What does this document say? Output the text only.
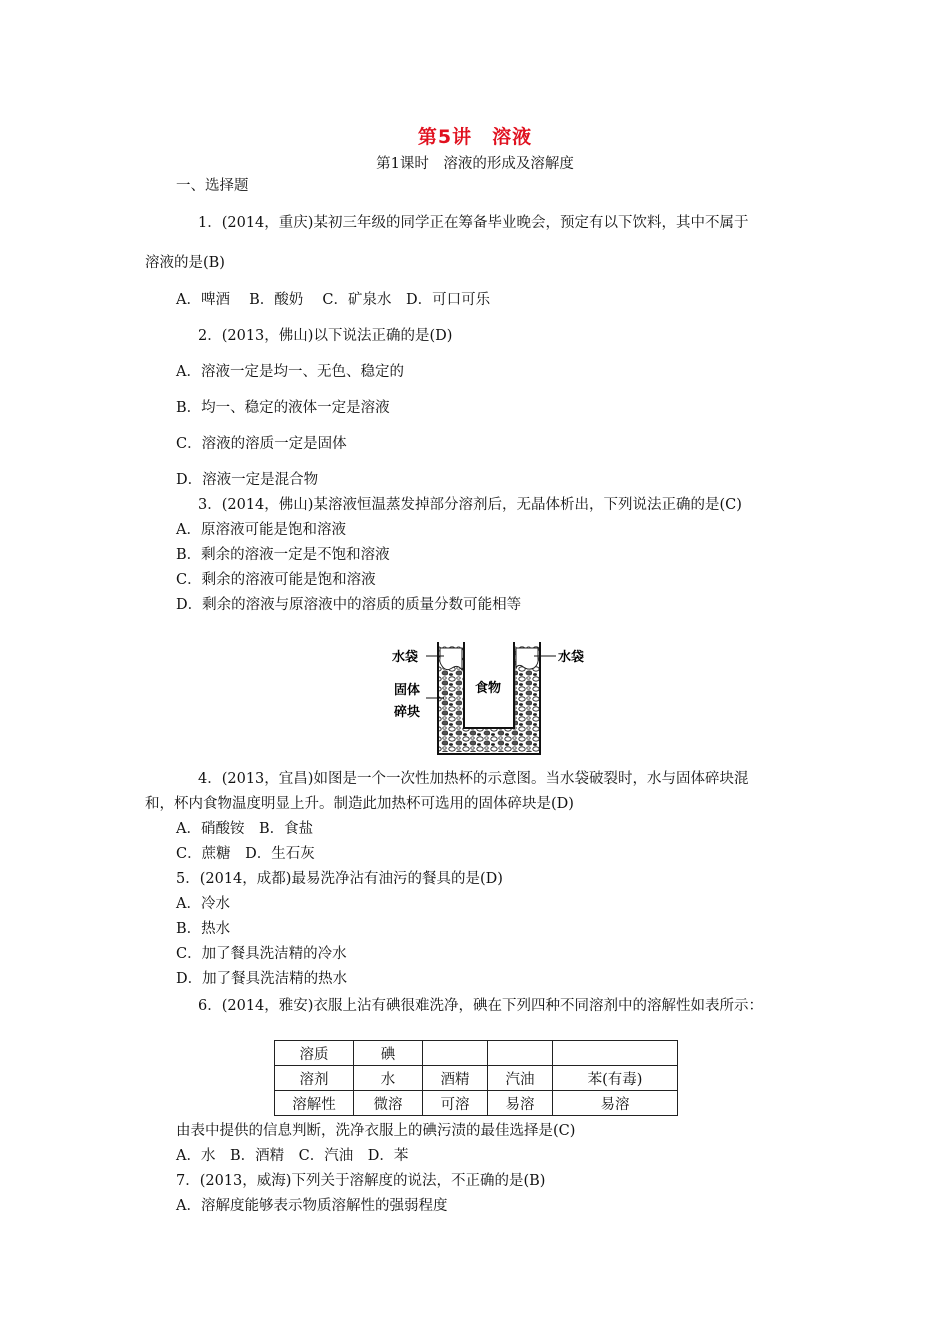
第5讲　溶液
第1课时　溶液的形成及溶解度
一、选择题
1．(2014，重庆)某初三年级的同学正在筹备毕业晚会，预定有以下饮料，其中不属于
溶液的是(B)
A．啤酒　 B．酸奶　 C．矿泉水　D．可口可乐
2．(2013，佛山)以下说法正确的是(D)
A．溶液一定是均一、无色、稳定的
B．均一、稳定的液体一定是溶液
C．溶液的溶质一定是固体
D．溶液一定是混合物
3．(2014，佛山)某溶液恒温蒸发掉部分溶剂后，无晶体析出，下列说法正确的是(C)
A．原溶液可能是饱和溶液
B．剩余的溶液一定是不饱和溶液
C．剩余的溶液可能是饱和溶液
D．剩余的溶液与原溶液中的溶质的质量分数可能相等
水袋	水袋
食物
固体
碎块
4．(2013，宜昌)如图是一个一次性加热杯的示意图。当水袋破裂时，水与固体碎块混
和，杯内食物温度明显上升。制造此加热杯可选用的固体碎块是(D)
A．硝酸铵　B．食盐
C．蔗糖　D．生石灰
5．(2014，成都)最易洗净沾有油污的餐具的是(D)
A．冷水
B．热水
C．加了餐具洗洁精的冷水
D．加了餐具洗洁精的热水
6．(2014，雅安)衣服上沾有碘很难洗净，碘在下列四种不同溶剂中的溶解性如表所示：
溶质	碘			
溶剂	水	酒精	汽油	苯(有毒)
溶解性	微溶	可溶	易溶	易溶
由表中提供的信息判断，洗净衣服上的碘污渍的最佳选择是(C)
A．水　B．酒精　C．汽油　D．苯
7．(2013，威海)下列关于溶解度的说法，不正确的是(B)
A．溶解度能够表示物质溶解性的强弱程度
